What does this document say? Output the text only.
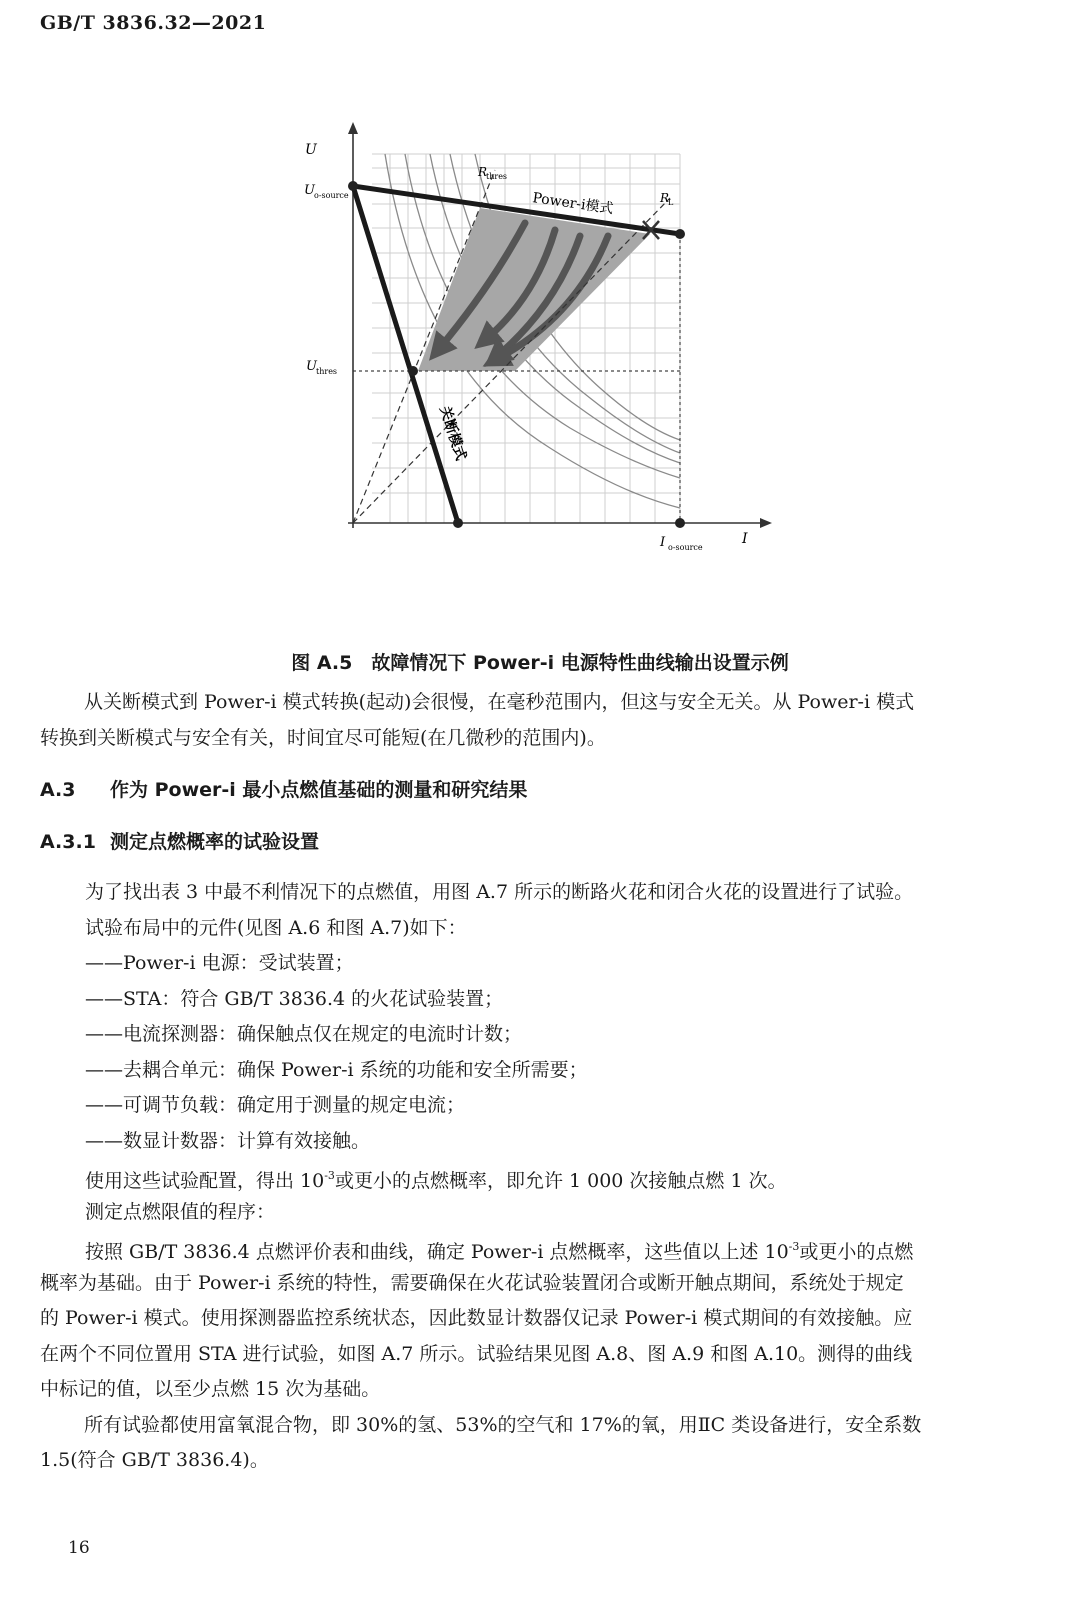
GB/T 3836.32—2021
U
I
U o-source
U thres
I o-source
R
thres
R
L
Power-i模式
关断模式
图 A.5　故障情况下 Power-i 电源特性曲线输出设置示例
从关断模式到 Power-i 模式转换(起动)会很慢，在毫秒范围内，但这与安全无关。从 Power-i 模式
转换到关断模式与安全有关，时间宜尽可能短(在几微秒的范围内)。
A.3 作为 Power-i 最小点燃值基础的测量和研究结果
A.3.1 测定点燃概率的试验设置
为了找出表 3 中最不利情况下的点燃值，用图 A.7 所示的断路火花和闭合火花的设置进行了试验。
试验布局中的元件(见图 A.6 和图 A.7)如下：
——Power-i 电源：受试装置；
——STA：符合 GB/T 3836.4 的火花试验装置；
——电流探测器：确保触点仅在规定的电流时计数；
——去耦合单元：确保 Power-i 系统的功能和安全所需要；
——可调节负载：确定用于测量的规定电流；
——数显计数器：计算有效接触。
使用这些试验配置，得出 $10^{-3}$或更小的点燃概率，即允许 1 000 次接触点燃 1 次。
测定点燃限值的程序：
按照 GB/T 3836.4 点燃评价表和曲线，确定 Power-i 点燃概率，这些值以上述 $10^{-3}$或更小的点燃
概率为基础。由于 Power-i 系统的特性，需要确保在火花试验装置闭合或断开触点期间，系统处于规定
的 Power-i 模式。使用探测器监控系统状态，因此数显计数器仅记录 Power-i 模式期间的有效接触。应
在两个不同位置用 STA 进行试验，如图 A.7 所示。试验结果见图 A.8、图 A.9 和图 A.10。测得的曲线
中标记的值，以至少点燃 15 次为基础。
所有试验都使用富氧混合物，即 30%的氢、53%的空气和 17%的氧，用ⅡC 类设备进行，安全系数
1.5(符合 GB/T 3836.4)。
16
